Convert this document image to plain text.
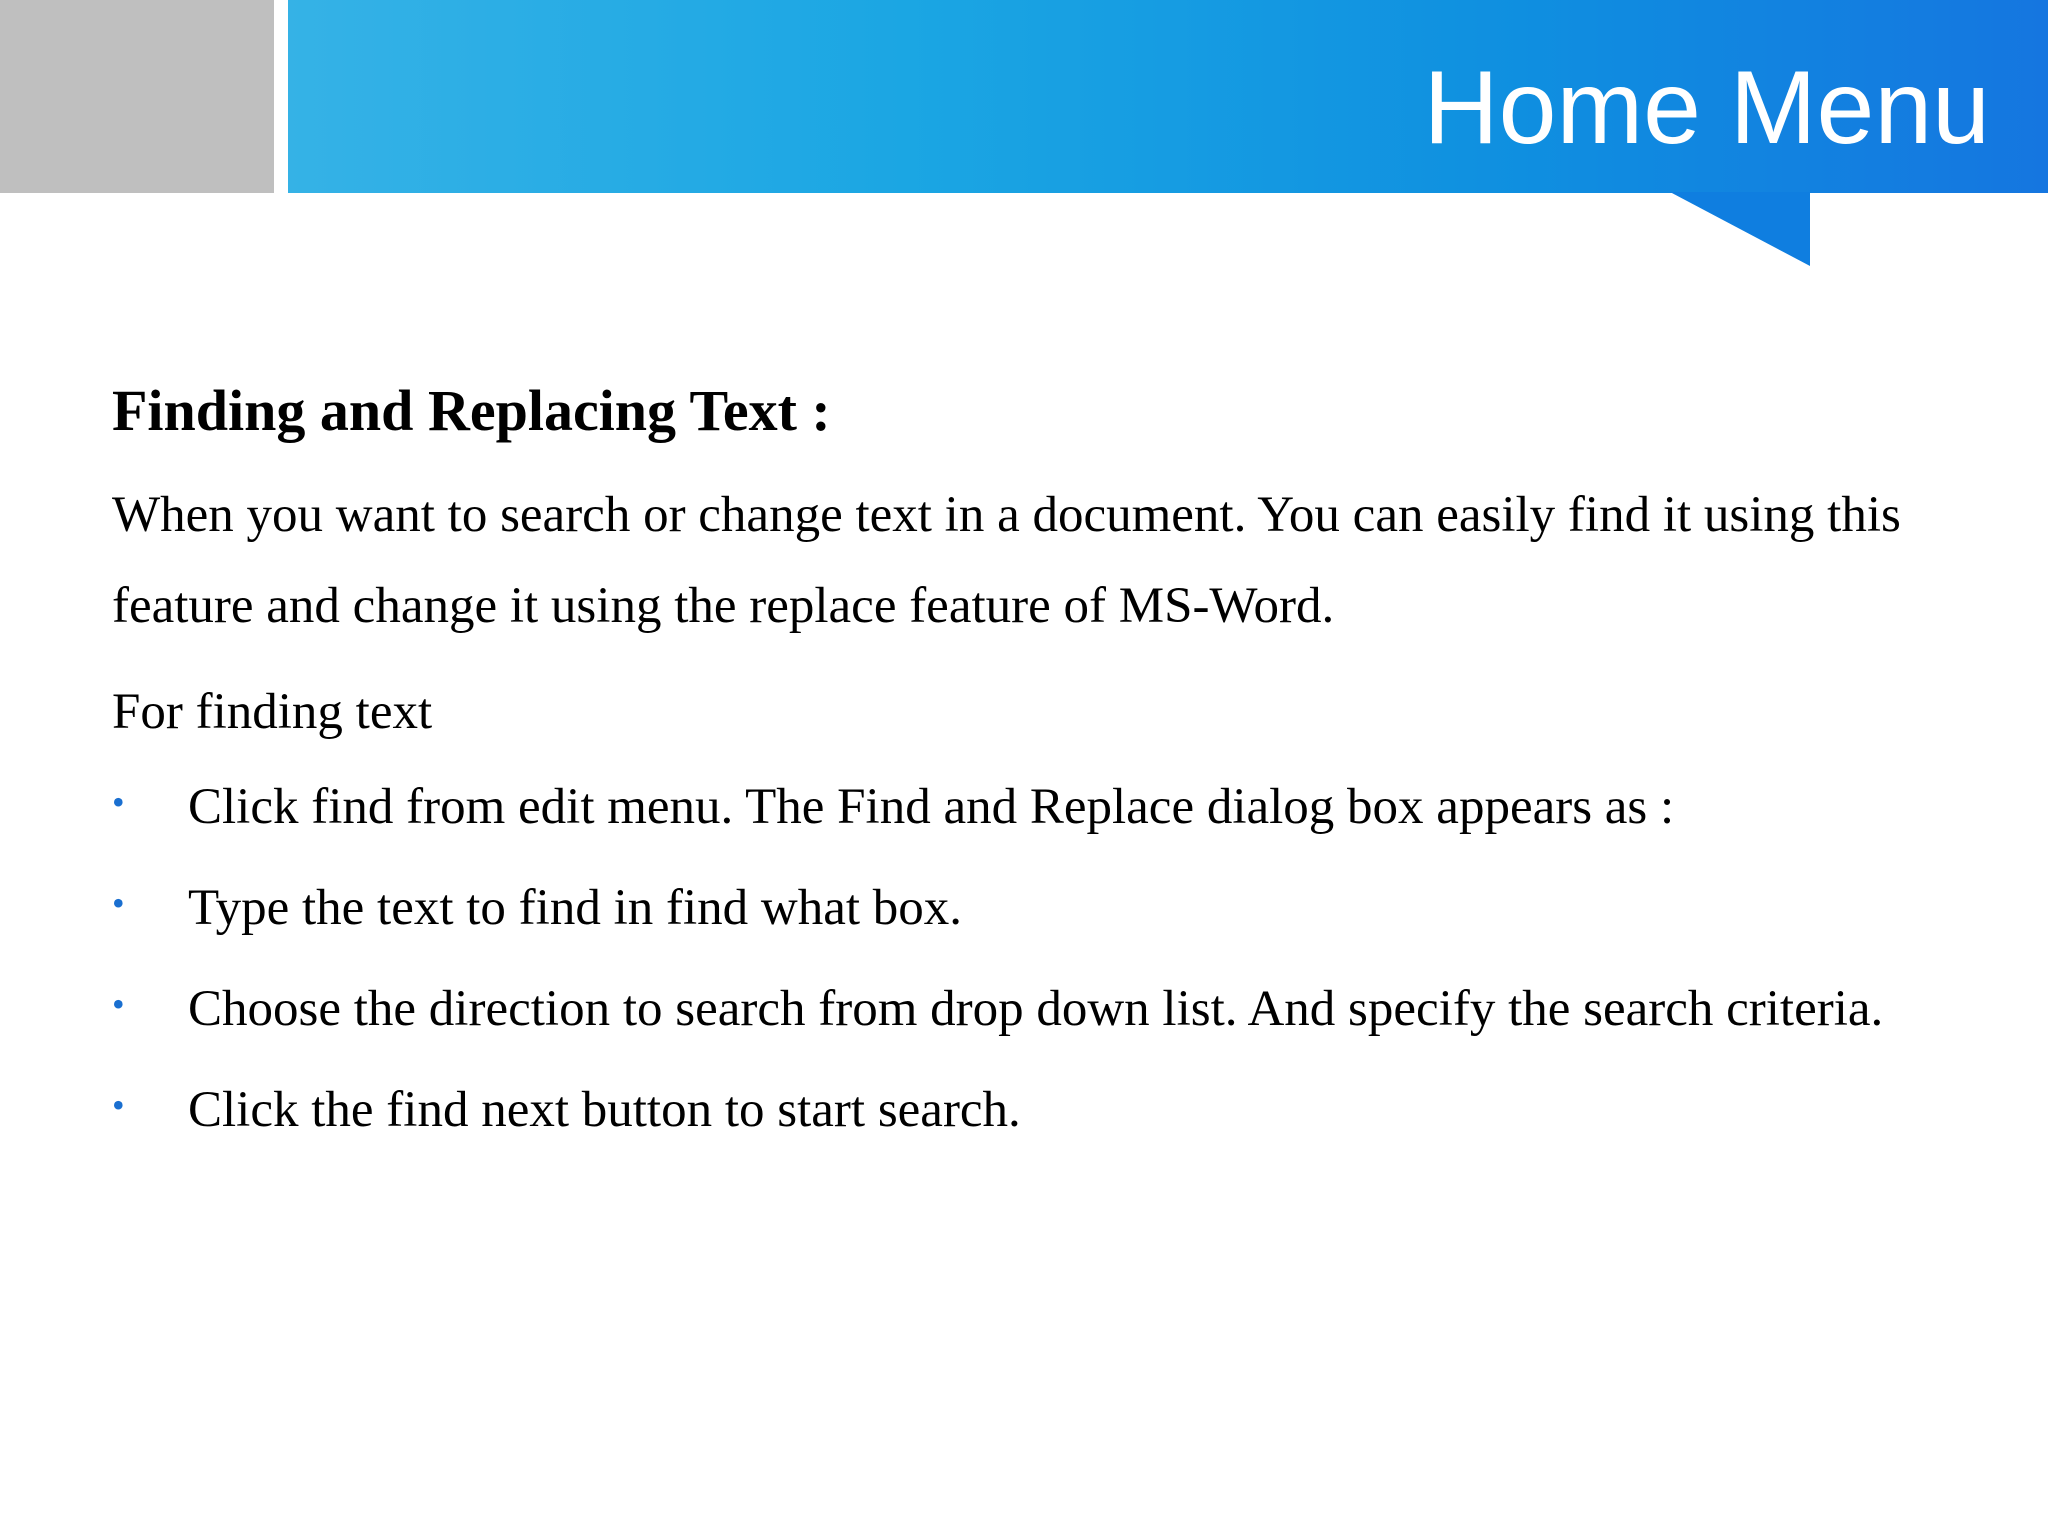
Home Menu

Finding and Replacing Text :

When you want to search or change text in a document. You can easily find it using this feature and change it using the replace feature of MS-Word.

For finding text

• Click find from edit menu. The Find and Replace dialog box appears as :
• Type the text to find in find what box.
• Choose the direction to search from drop down list. And specify the search criteria.
• Click the find next button to start search.
